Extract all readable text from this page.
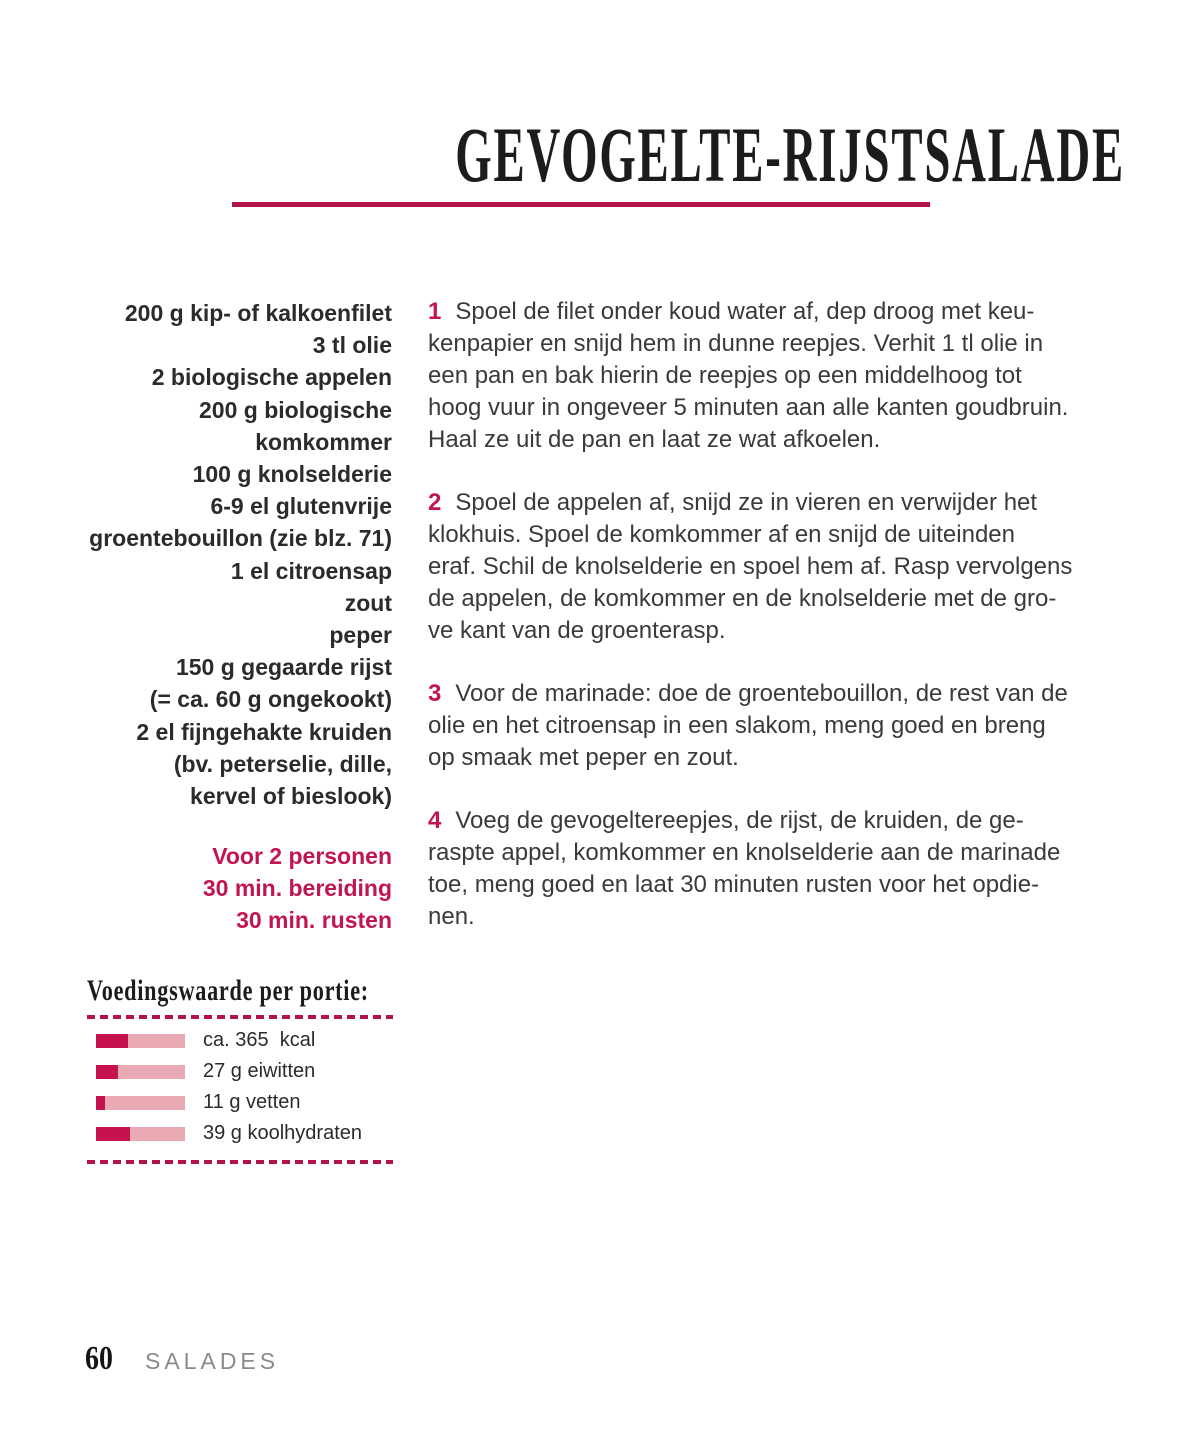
GEVOGELTE-RIJSTSALADE
200 g kip- of kalkoenfilet
3 tl olie
2 biologische appelen
200 g biologische
komkommer
100 g knolselderie
6-9 el glutenvrije
groentebouillon (zie blz. 71)
1 el citroensap
zout
peper
150 g gegaarde rijst
(= ca. 60 g ongekookt)
2 el fijngehakte kruiden
(bv. peterselie, dille,
kervel of bieslook)
Voor 2 personen
30 min. bereiding
30 min. rusten

1 Spoel de filet onder koud water af, dep droog met keu-
kenpapier en snijd hem in dunne reepjes. Verhit 1 tl olie in
een pan en bak hierin de reepjes op een middelhoog tot
hoog vuur in ongeveer 5 minuten aan alle kanten goudbruin.
Haal ze uit de pan en laat ze wat afkoelen.

2 Spoel de appelen af, snijd ze in vieren en verwijder het
klokhuis. Spoel de komkommer af en snijd de uiteinden
eraf. Schil de knolselderie en spoel hem af. Rasp vervolgens
de appelen, de komkommer en de knolselderie met de gro-
ve kant van de groenterasp.

3 Voor de marinade: doe de groentebouillon, de rest van de
olie en het citroensap in een slakom, meng goed en breng
op smaak met peper en zout.

4 Voeg de gevogeltereepjes, de rijst, de kruiden, de ge-
raspte appel, komkommer en knolselderie aan de marinade
toe, meng goed en laat 30 minuten rusten voor het opdie-
nen.

Voedingswaarde per portie:
ca. 365  kcal
27 g eiwitten
11 g vetten
39 g koolhydraten
60 SALADES
